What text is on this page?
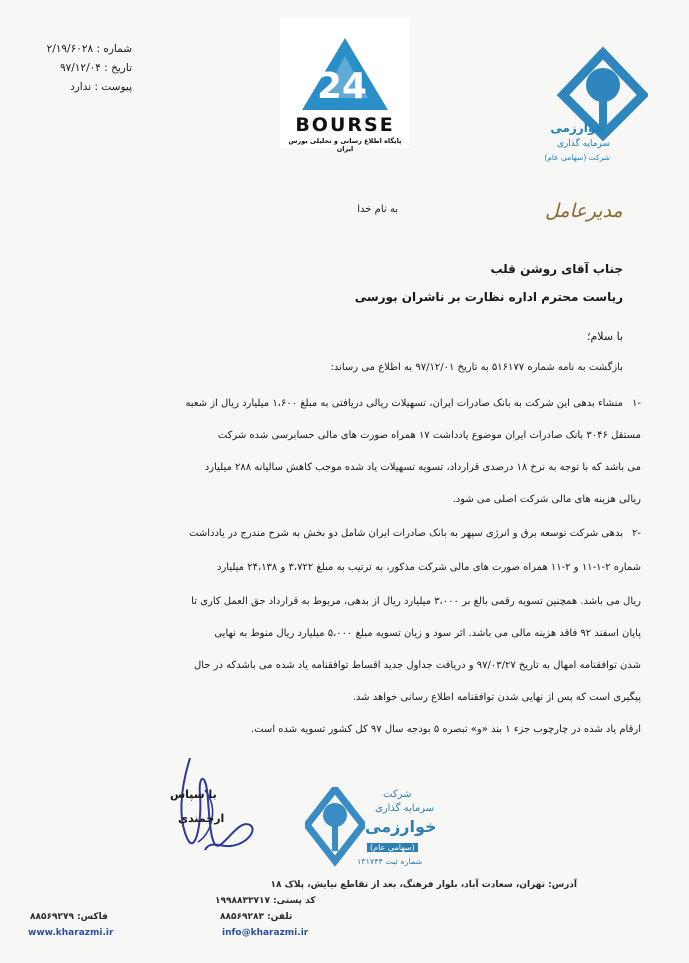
شماره : ۲/۱۹/۶۰۲۸
تاریخ : ۹۷/۱۲/۰۴
پیوست : ندارد	24
BOURSE
پایگاه اطلاع رسانی و تحلیلی بورس ایران
خوارزمی
سرمایه گذاری
شرکت (سهامی عام)
مدیرعامل
به نام خدا
جناب آقای روشن قلب
ریاست محترم اداره نظارت بر ناشران بورسی
با سلام؛
بازگشت به نامه شماره ۵۱۶۱۷۷ به تاریخ ۹۷/۱۲/۰۱ به اطلاع می رساند:
۱-
منشاء بدهی این شرکت به بانک صادرات ایران، تسهیلات ریالی دریافتی به مبلغ ۱،۶۰۰ میلیارد ریال از شعبه
مستقل ۳۰۴۶ بانک صادرات ایران موضوع یادداشت ۱۷ همراه صورت های مالی حسابرسی شده شرکت
می باشد که با توجه به نرخ ۱۸ درصدی قرارداد، تسویه تسهیلات یاد شده موجب کاهش سالیانه ۲۸۸ میلیارد
ریالی هزینه های مالی شرکت اصلی می شود.
۲-
بدهی شرکت توسعه برق و انرژی سپهر به بانک صادرات ایران شامل دو بخش به شرح مندرج در یادداشت
شماره ۲-۱-۱۱ و ۲-۱۱ همراه صورت های مالی شرکت مذکور، به ترتیب به مبلغ ۳،۷۲۲ و ۲۴،۱۳۸ میلیارد
ریال می باشد. همچنین تسویه رقمی بالغ بر ۳،۰۰۰ میلیارد ریال از بدهی، مربوط به قرارداد حق العمل کاری تا
پایان اسفند ۹۲ فاقد هزینه مالی می باشد. اثر سود و زیان تسویه مبلغ ۵،۰۰۰ میلیارد ریال منوط به نهایی
شدن توافقنامه امهال به تاریخ ۹۷/۰۳/۲۷ و دریافت جداول جدید اقساط توافقنامه یاد شده می باشدکه در حال
پیگیری است که پس از نهایی شدن توافقنامه اطلاع رسانی خواهد شد.
ارقام یاد شده در چارچوب جزء ۱ بند «و» تبصره ۵ بودجه سال ۹۷ کل کشور تسویه شده است.
با سپاس
ارجمندی
شرکت
سرمایه گذاری
خوارزمی
(سهامی عام)
شماره ثبت ۱۳۱۷۴۴
آدرس: تهران، سعادت آباد، بلوار فرهنگ، بعد از تقاطع نیایش، پلاک ۱۸
کد پستی: ۱۹۹۸۸۳۳۷۱۷
تلفن: ۸۸۵۶۹۲۸۳
فاکس: ۸۸۵۶۹۲۷۹
info@kharazmi.ir
www.kharazmi.ir
